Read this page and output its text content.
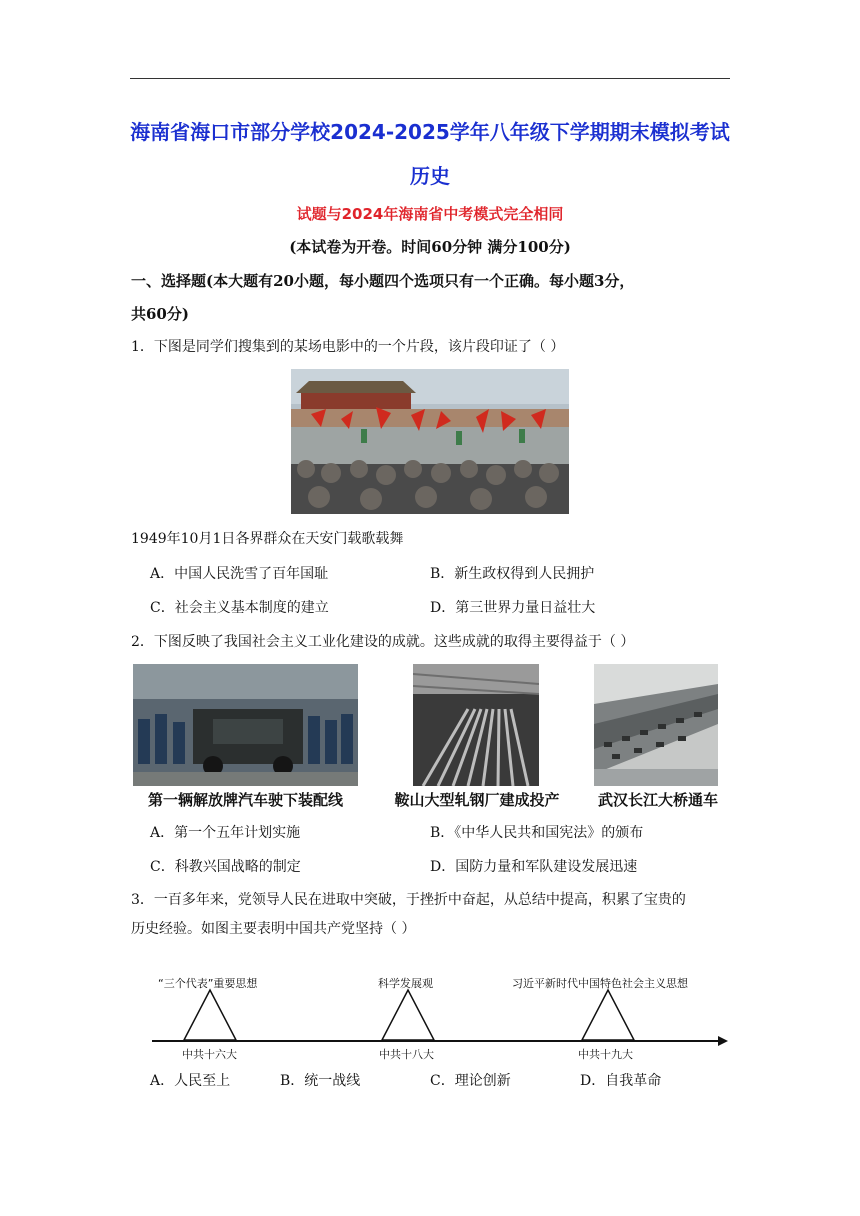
海南省海口市部分学校2024-2025学年八年级下学期期末模拟考试
历史
试题与2024年海南省中考模式完全相同
(本试卷为开卷。时间60分钟 满分100分)
一、选择题(本大题有20小题，每小题四个选项只有一个正确。每小题3分，
共60分)
1．下图是同学们搜集到的某场电影中的一个片段，该片段印证了（ ）
1949年10月1日各界群众在天安门载歌载舞
A．中国人民洗雪了百年国耻	B．新生政权得到人民拥护
C．社会主义基本制度的建立	D．第三世界力量日益壮大
2．下图反映了我国社会主义工业化建设的成就。这些成就的取得主要得益于（ ）
第一辆解放牌汽车驶下装配线	鞍山大型轧钢厂建成投产	武汉长江大桥通车
A．第一个五年计划实施	B．《中华人民共和国宪法》的颁布
C．科教兴国战略的制定	D．国防力量和军队建设发展迅速
3．一百多年来，党领导人民在进取中突破，于挫折中奋起，从总结中提高，积累了宝贵的
历史经验。如图主要表明中国共产党坚持（ ）
“三个代表”重要思想	科学发展观	习近平新时代中国特色社会主义思想
中共十六大	中共十八大	中共十九大
A．人民至上	B．统一战线	C．理论创新	D．自我革命
